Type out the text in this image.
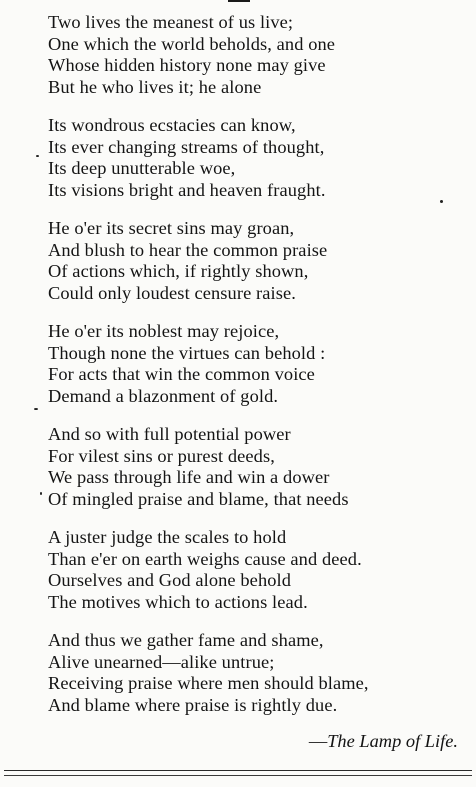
Two lives the meanest of us live;
One which the world beholds, and one
Whose hidden history none may give
But he who lives it; he alone
Its wondrous ecstacies can know,
Its ever changing streams of thought,
Its deep unutterable woe,
Its visions bright and heaven fraught.
He o'er its secret sins may groan,
And blush to hear the common praise
Of actions which, if rightly shown,
Could only loudest censure raise.
He o'er its noblest may rejoice,
Though none the virtues can behold :
For acts that win the common voice
Demand a blazonment of gold.
And so with full potential power
For vilest sins or purest deeds,
We pass through life and win a dower
Of mingled praise and blame, that needs
A juster judge the scales to hold
Than e'er on earth weighs cause and deed.
Ourselves and God alone behold
The motives which to actions lead.
And thus we gather fame and shame,
Alive unearned—alike untrue;
Receiving praise where men should blame,
And blame where praise is rightly due.
—The Lamp of Life.
